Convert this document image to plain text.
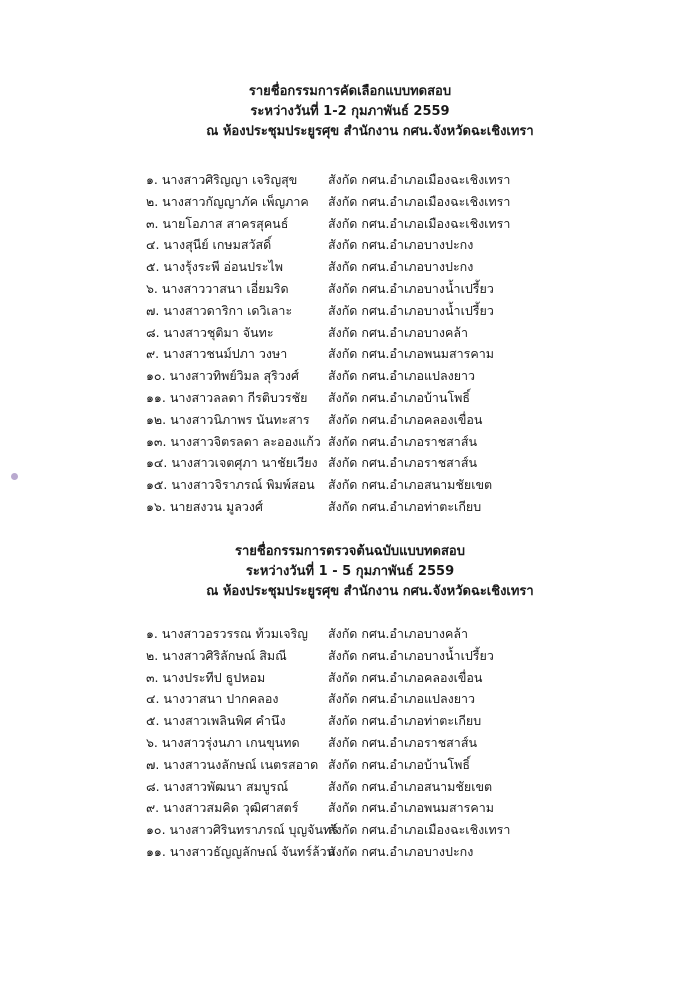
รายชื่อกรรมการคัดเลือกแบบทดสอบ
ระหว่างวันที่ 1-2 กุมภาพันธ์ 2559
ณ ห้องประชุมประยูรศุข สำนักงาน กศน.จังหวัดฉะเชิงเทรา
๑. นางสาวศิริญญา เจริญสุข สังกัด กศน.อำเภอเมืองฉะเชิงเทรา
๒. นางสาวกัญญาภัค เพ็ญภาค สังกัด กศน.อำเภอเมืองฉะเชิงเทรา
๓. นายโอภาส สาครสุคนธ์	สังกัด กศน.อำเภอเมืองฉะเชิงเทรา
๔. นางสุนีย์ เกษมสวัสดิ์	สังกัด กศน.อำเภอบางปะกง
๕. นางรุ้งระพี อ่อนประไพ	สังกัด กศน.อำเภอบางปะกง
๖. นางสาววาสนา เอี่ยมริด	สังกัด กศน.อำเภอบางน้ำเปรี้ยว
๗. นางสาวดาริกา เดวิเลาะ	สังกัด กศน.อำเภอบางน้ำเปรี้ยว
๘. นางสาวชุติมา จันทะ	สังกัด กศน.อำเภอบางคล้า
๙. นางสาวชนม์ปภา วงษา	สังกัด กศน.อำเภอพนมสารคาม
๑๐. นางสาวทิพย์วิมล สุริวงศ์ สังกัด กศน.อำเภอแปลงยาว
๑๑. นางสาวลลดา กีรติบวรชัย สังกัด กศน.อำเภอบ้านโพธิ์
๑๒. นางสาวนิภาพร นันทะสาร สังกัด กศน.อำเภอคลองเขื่อน
๑๓. นางสาวจิตรลดา ละอองแก้ว สังกัด กศน.อำเภอราชสาส์น
๑๔. นางสาวเจตศุภา นาชัยเวียง สังกัด กศน.อำเภอราชสาส์น
๑๕. นางสาวจิราภรณ์ พิมพ์สอน สังกัด กศน.อำเภอสนามชัยเขต
๑๖. นายสงวน มูลวงศ์	สังกัด กศน.อำเภอท่าตะเกียบ
รายชื่อกรรมการตรวจต้นฉบับแบบทดสอบ
ระหว่างวันที่ 1 - 5 กุมภาพันธ์ 2559
ณ ห้องประชุมประยูรศุข สำนักงาน กศน.จังหวัดฉะเชิงเทรา
๑. นางสาวอรวรรณ ท้วมเจริญ สังกัด กศน.อำเภอบางคล้า
๒. นางสาวศิริลักษณ์ สิมณี	สังกัด กศน.อำเภอบางน้ำเปรี้ยว
๓. นางประทีป ธูปหอม	สังกัด กศน.อำเภอคลองเขื่อน
๔. นางวาสนา ปากคลอง	สังกัด กศน.อำเภอแปลงยาว
๕. นางสาวเพลินพิศ คำนึง	สังกัด กศน.อำเภอท่าตะเกียบ
๖. นางสาวรุ่งนภา เกนขุนทด สังกัด กศน.อำเภอราชสาส์น
๗. นางสาวนงลักษณ์ เนตรสอาด สังกัด กศน.อำเภอบ้านโพธิ์
๘. นางสาวพัฒนา สมบูรณ์	สังกัด กศน.อำเภอสนามชัยเขต
๙. นางสาวสมคิด วุฒิศาสตร์ สังกัด กศน.อำเภอพนมสารคาม
๑๐. นางสาวศิรินทราภรณ์ บุญจันทร์
สังกัด กศน.อำเภอเมืองฉะเชิงเทรา
๑๑. นางสาวธัญญลักษณ์ จันทร์ล้วน
สังกัด กศน.อำเภอบางปะกง
